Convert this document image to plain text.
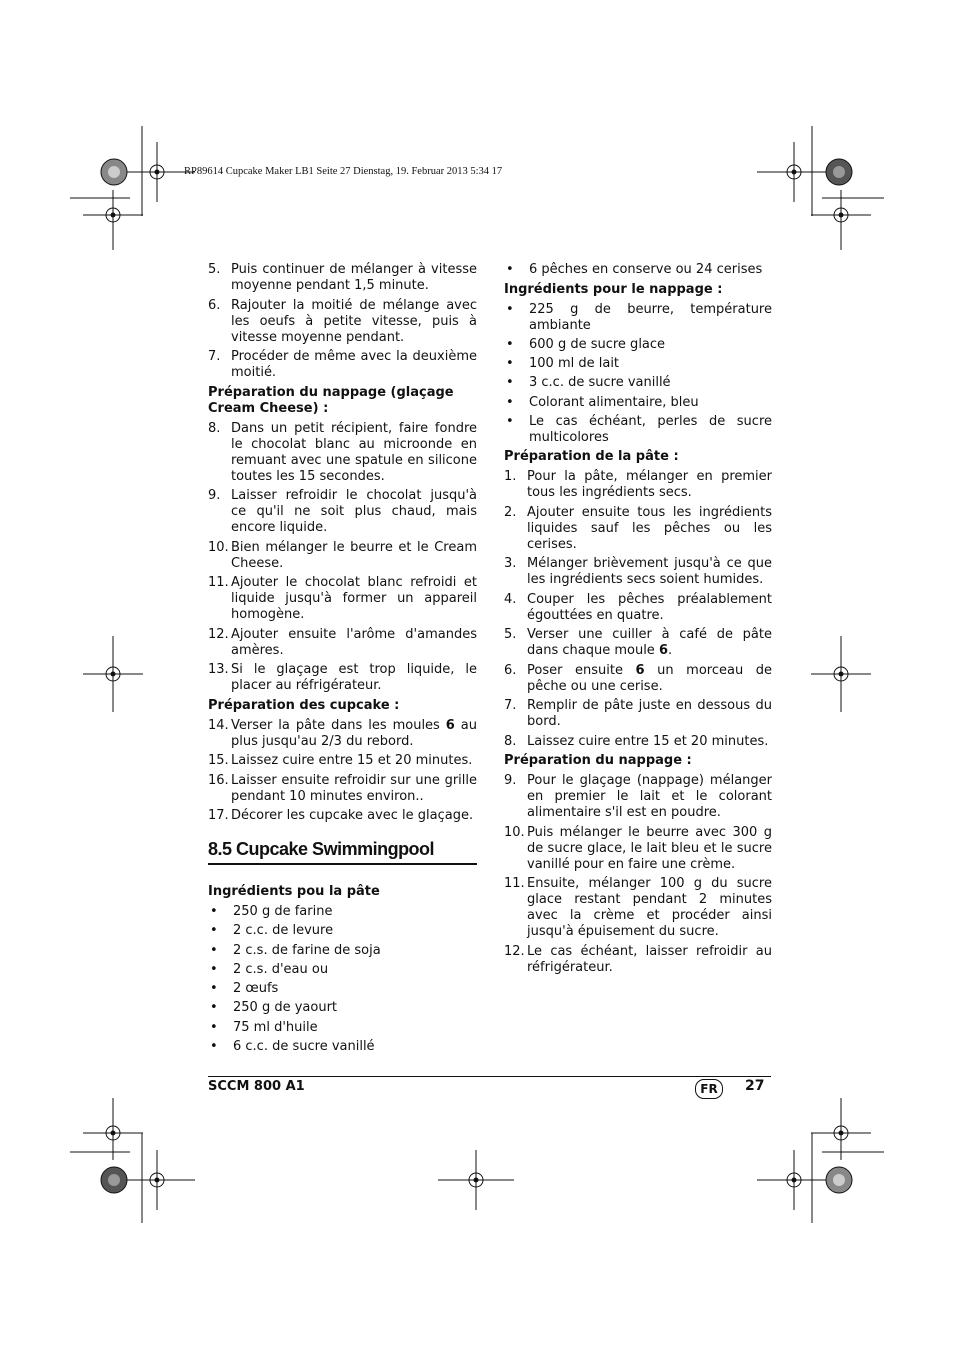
RP89614 Cupcake Maker LB1 Seite 27 Dienstag, 19. Februar 2013 5:34 17
5. Puis continuer de mélanger à vitesse moyenne pendant 1,5 minute.
6. Rajouter la moitié de mélange avec les oeufs à petite vitesse, puis à vitesse moyenne pendant.
7. Procéder de même avec la deuxième moitié.
Préparation du nappage (glaçage Cream Cheese) :
8. Dans un petit récipient, faire fondre le chocolat blanc au microonde en remuant avec une spatule en silicone toutes les 15 secondes.
9. Laisser refroidir le chocolat jusqu'à ce qu'il ne soit plus chaud, mais encore liquide.
10. Bien mélanger le beurre et le Cream Cheese.
11. Ajouter le chocolat blanc refroidi et liquide jusqu'à former un appareil homogène.
12. Ajouter ensuite l'arôme d'amandes amères.
13. Si le glaçage est trop liquide, le placer au réfrigérateur.
Préparation des cupcake :
14. Verser la pâte dans les moules 6 au plus jusqu'au 2/3 du rebord.
15. Laissez cuire entre 15 et 20 minutes.
16. Laisser ensuite refroidir sur une grille pendant 10 minutes environ..
17. Décorer les cupcake avec le glaçage.
8.5 Cupcake Swimmingpool
Ingrédients pou la pâte
•	250 g de farine
•	2 c.c. de levure
•	2 c.s. de farine de soja
•	2 c.s. d'eau ou
•	2 œufs
•	250 g de yaourt
•	75 ml d'huile
•	6 c.c. de sucre vanillé
•	6 pêches en conserve ou 24 cerises
Ingrédients pour le nappage :
•	225 g de beurre, température ambiante
•	600 g de sucre glace
•	100 ml de lait
•	3 c.c. de sucre vanillé
•	Colorant alimentaire, bleu
•	Le cas échéant, perles de sucre multicolores
Préparation de la pâte :
1. Pour la pâte, mélanger en premier tous les ingrédients secs.
2. Ajouter ensuite tous les ingrédients liquides sauf les pêches ou les cerises.
3. Mélanger brièvement jusqu'à ce que les ingrédients secs soient humides.
4. Couper les pêches préalablement égouttées en quatre.
5. Verser une cuiller à café de pâte dans chaque moule 6.
6. Poser ensuite 6 un morceau de pêche ou une cerise.
7. Remplir de pâte juste en dessous du bord.
8. Laissez cuire entre 15 et 20 minutes.
Préparation du nappage :
9. Pour le glaçage (nappage) mélanger en premier le lait et le colorant alimentaire s'il est en poudre.
10. Puis mélanger le beurre avec 300 g de sucre glace, le lait bleu et le sucre vanillé pour en faire une crème.
11. Ensuite, mélanger 100 g du sucre glace restant pendant 2 minutes avec la crème et procéder ainsi jusqu'à épuisement du sucre.
12. Le cas échéant, laisser refroidir au réfrigérateur.
SCCM 800 A1	FR	27
